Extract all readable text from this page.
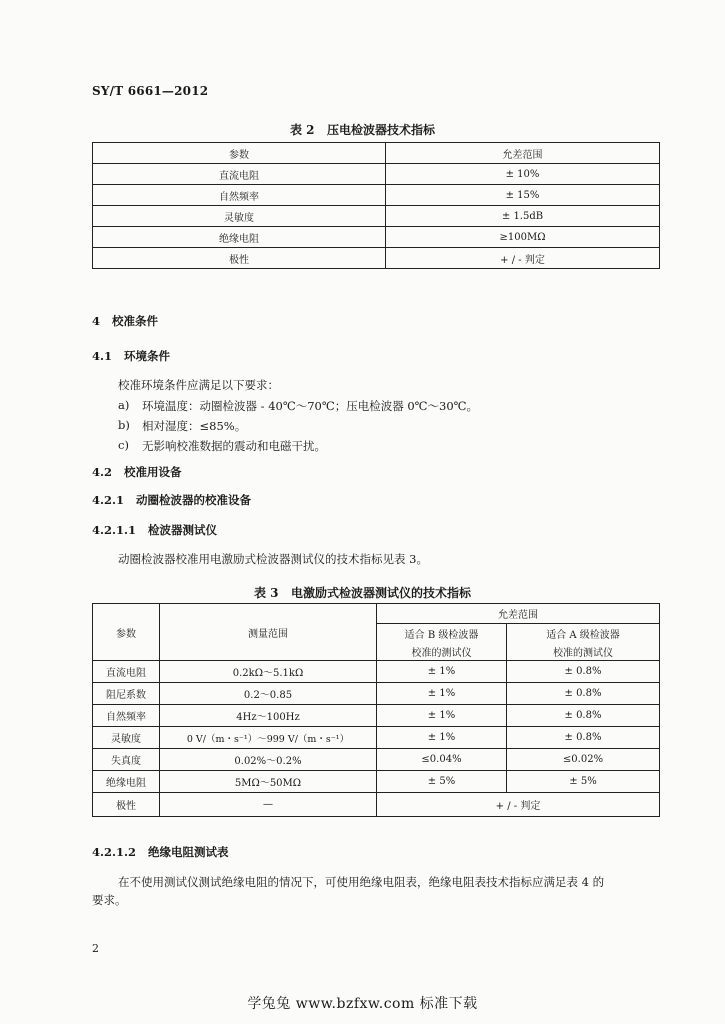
SY/T 6661—2012
表 2   压电检波器技术指标
参数	允差范围
直流电阻	± 10%
自然频率	± 15%
灵敏度	± 1.5dB
绝缘电阻	≥100MΩ
极性	+ / - 判定
4   校准条件
4.1   环境条件
校准环境条件应满足以下要求：
a) 环境温度：动圈检波器 - 40℃～70℃；压电检波器 0℃～30℃。
b) 相对湿度：≤85%。
c) 无影响校准数据的震动和电磁干扰。
4.2   校准用设备
4.2.1   动圈检波器的校准设备
4.2.1.1   检波器测试仪
动圈检波器校准用电激励式检波器测试仪的技术指标见表 3。
表 3   电激励式检波器测试仪的技术指标
参数	测量范围	允差范围	
		适合 B 级检波器	适合 A 级检波器
		校准的测试仪	校准的测试仪
直流电阻	0.2kΩ～5.1kΩ	± 1%	± 0.8%
阻尼系数	0.2～0.85	± 1%	± 0.8%
自然频率	4Hz～100Hz	± 1%	± 0.8%
灵敏度	0 V/（m・s⁻¹）～999 V/（m・s⁻¹）	± 1%	± 0.8%
失真度	0.02%～0.2%	≤0.04%	≤0.02%
绝缘电阻	5MΩ～50MΩ	± 5%	± 5%
极性	—	+ / - 判定	
4.2.1.2   绝缘电阻测试表
在不使用测试仪测试绝缘电阻的情况下，可使用绝缘电阻表，绝缘电阻表技术指标应满足表 4 的
要求。
2
学兔兔 www.bzfxw.com 标准下载
